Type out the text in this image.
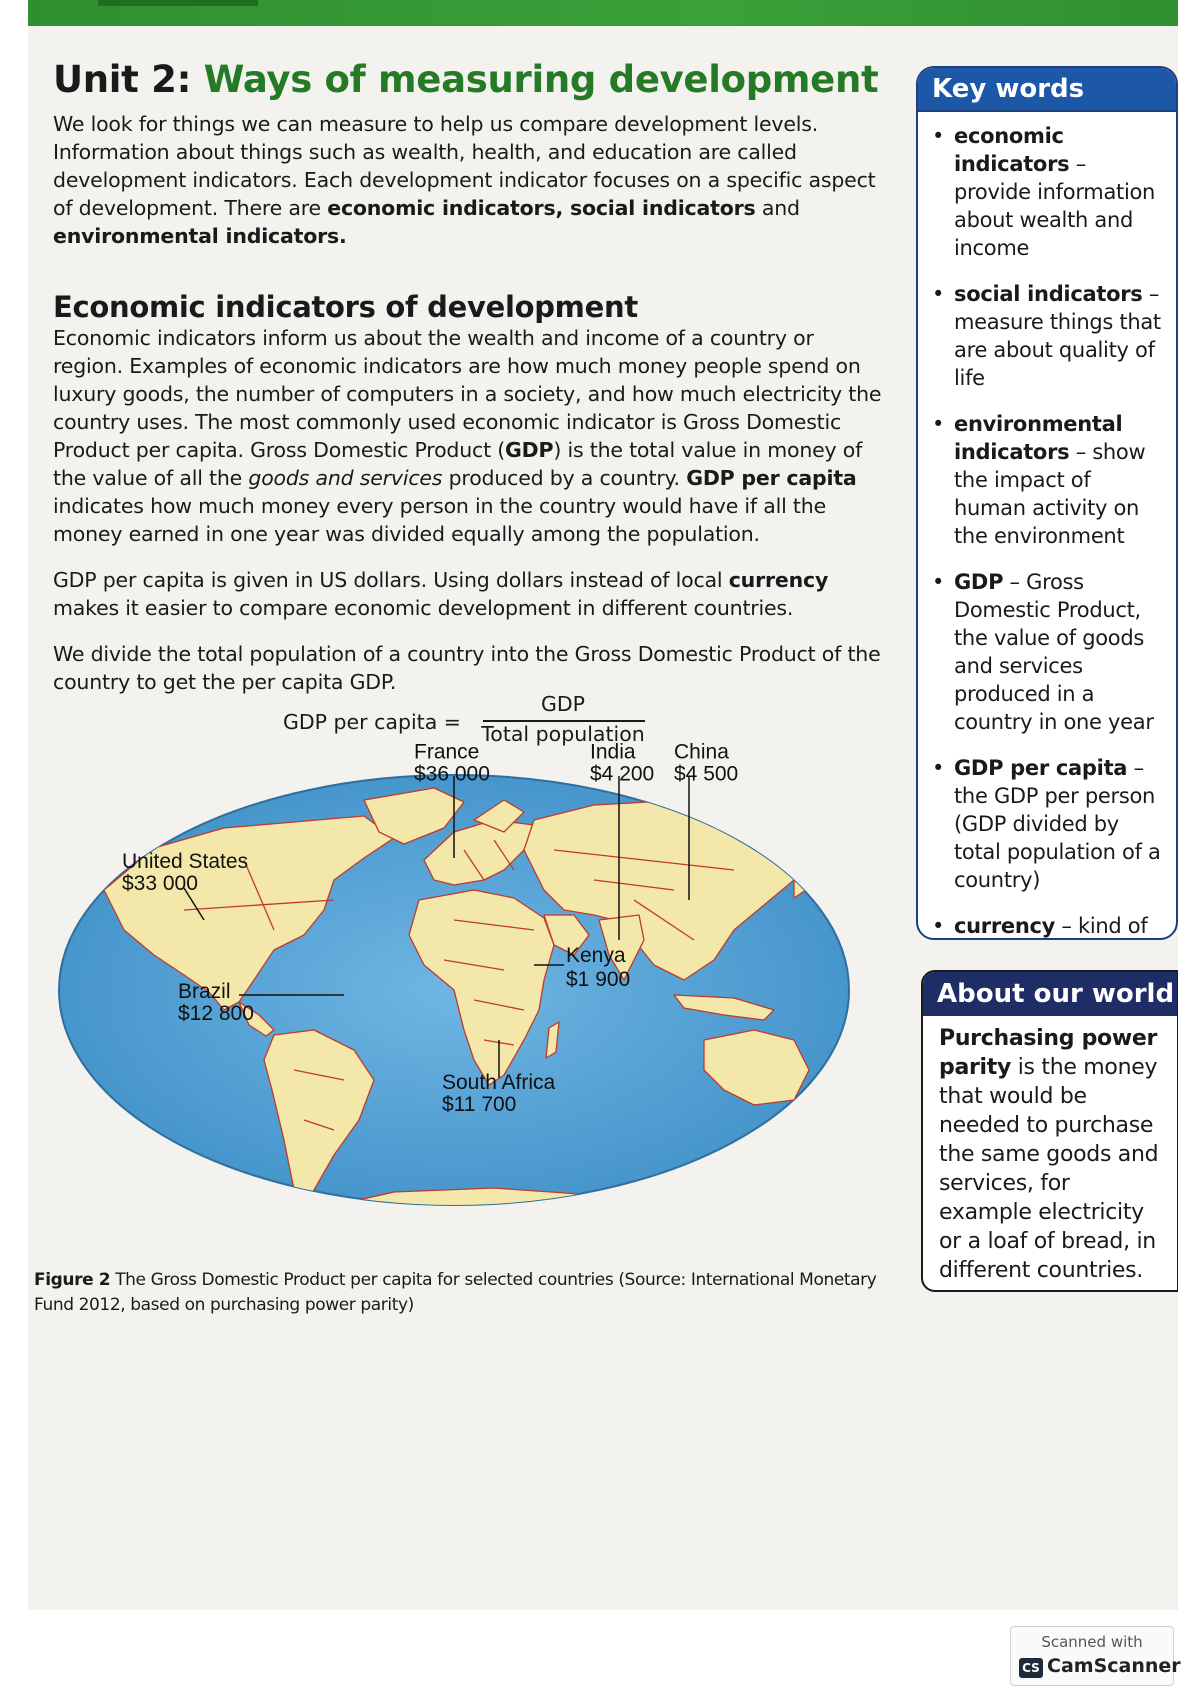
Unit 2: Ways of measuring development

We look for things we can measure to help us compare development levels. Information about things such as wealth, health, and education are called development indicators. Each development indicator focuses on a specific aspect of development. There are economic indicators, social indicators and environmental indicators.

Economic indicators of development

Economic indicators inform us about the wealth and income of a country or region. Examples of economic indicators are how much money people spend on luxury goods, the number of computers in a society, and how much electricity the country uses. The most commonly used economic indicator is Gross Domestic Product per capita. Gross Domestic Product (GDP) is the total value in money of the value of all the goods and services produced by a country. GDP per capita indicates how much money every person in the country would have if all the money earned in one year was divided equally among the population.

GDP per capita is given in US dollars. Using dollars instead of local currency makes it easier to compare economic development in different countries.

We divide the total population of a country into the Gross Domestic Product of the country to get the per capita GDP.

GDP per capita =
GDP
Total population
United States
$33 000
France
$36 000
India
$4 200
China
$4 500
Kenya
$1 900
Brazil
$12 800
South Africa
$11 700
Figure 2 The Gross Domestic Product per capita for selected countries (Source: International Monetary Fund 2012, based on purchasing power parity)
Key words
• economic indicators – provide information about wealth and income
• social indicators – measure things that are about quality of life
• environmental indicators – show the impact of human activity on the environment
• GDP – Gross Domestic Product, the value of goods and services produced in a country in one year
• GDP per capita – the GDP per person (GDP divided by total population of a country)
• currency – kind of
About our world
Purchasing power parity is the money that would be needed to purchase the same goods and services, for example electricity or a loaf of bread, in different countries.
Scanned with
CS CamScanner
